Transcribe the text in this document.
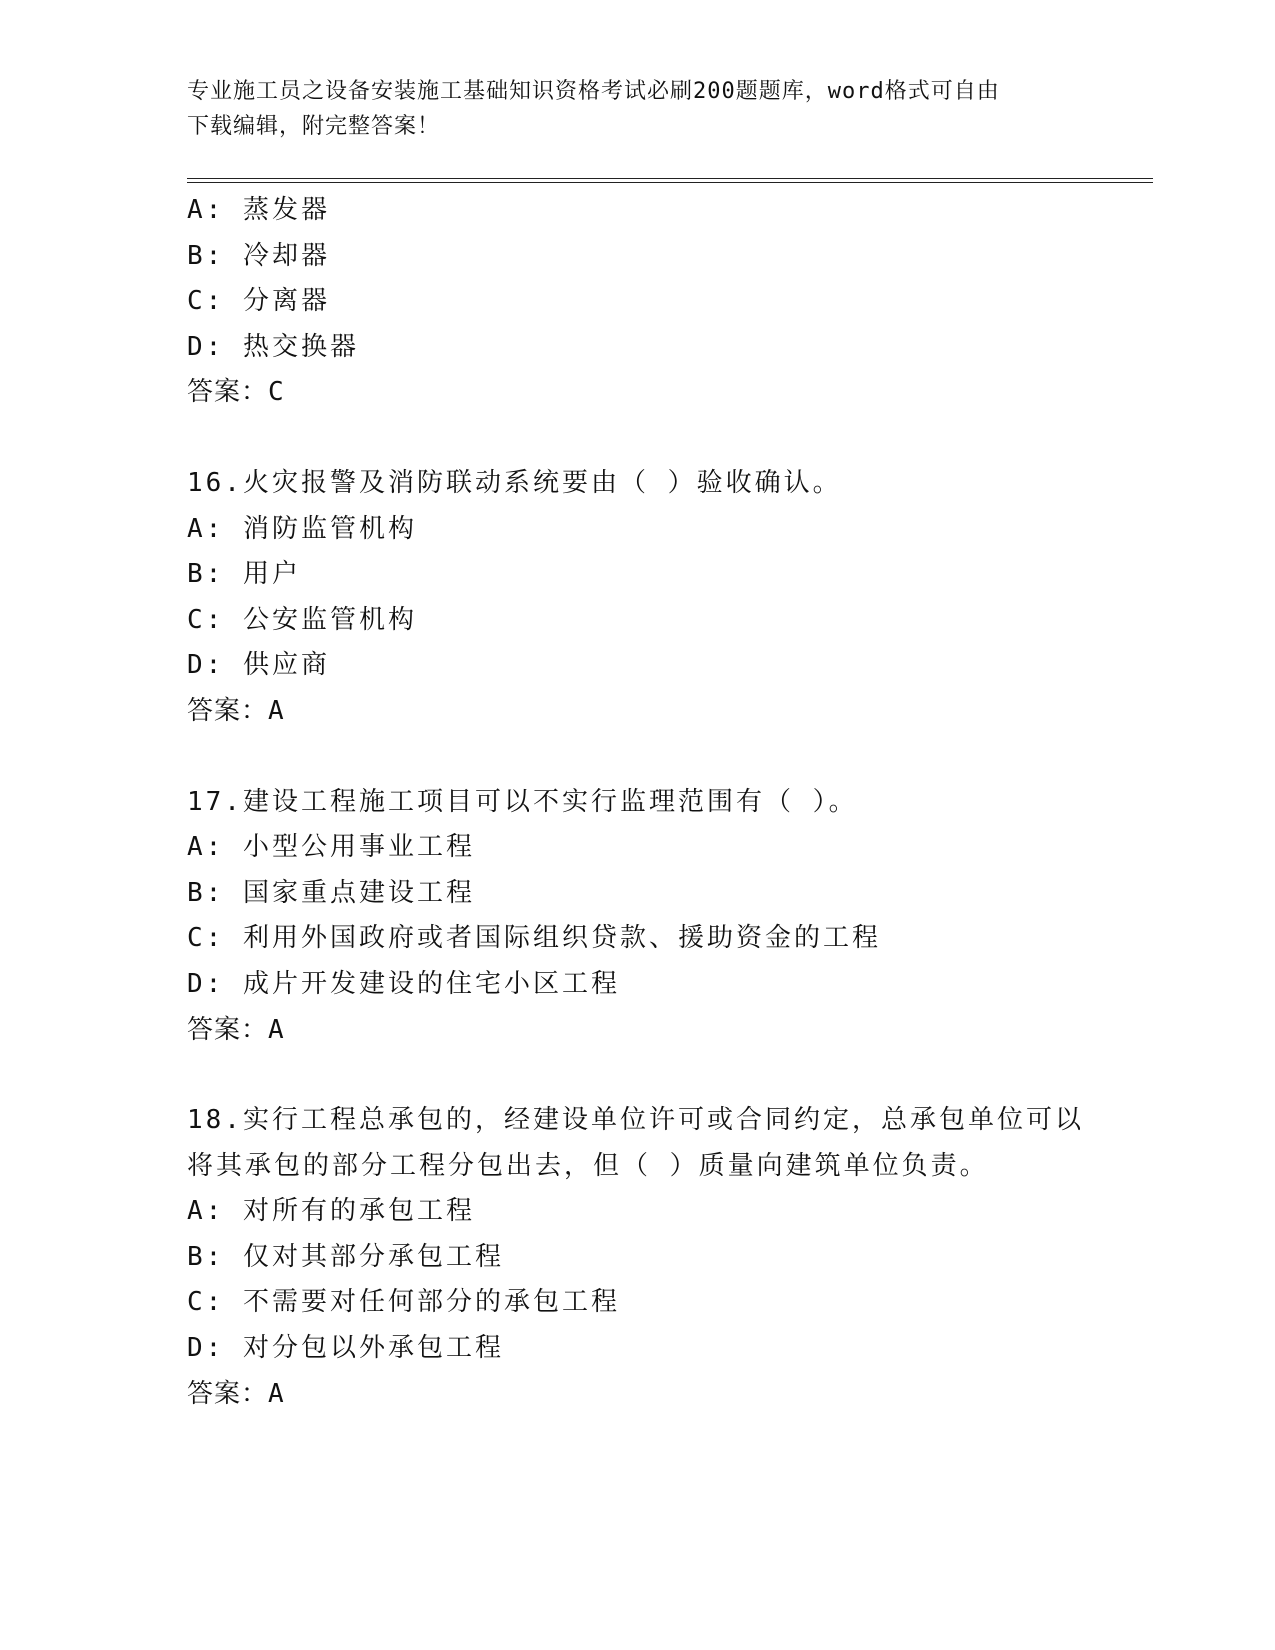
专业施工员之设备安装施工基础知识资格考试必刷200题题库，word格式可自由
下载编辑，附完整答案！
A: 蒸发器
B: 冷却器
C: 分离器
D: 热交换器
答案：C
16.火灾报警及消防联动系统要由（ ）验收确认。
A: 消防监管机构
B: 用户
C: 公安监管机构
D: 供应商
答案：A
17.建设工程施工项目可以不实行监理范围有（ ）。
A: 小型公用事业工程
B: 国家重点建设工程
C: 利用外国政府或者国际组织贷款、援助资金的工程
D: 成片开发建设的住宅小区工程
答案：A
18.实行工程总承包的，经建设单位许可或合同约定，总承包单位可以
将其承包的部分工程分包出去，但（ ）质量向建筑单位负责。
A: 对所有的承包工程
B: 仅对其部分承包工程
C: 不需要对任何部分的承包工程
D: 对分包以外承包工程
答案：A
